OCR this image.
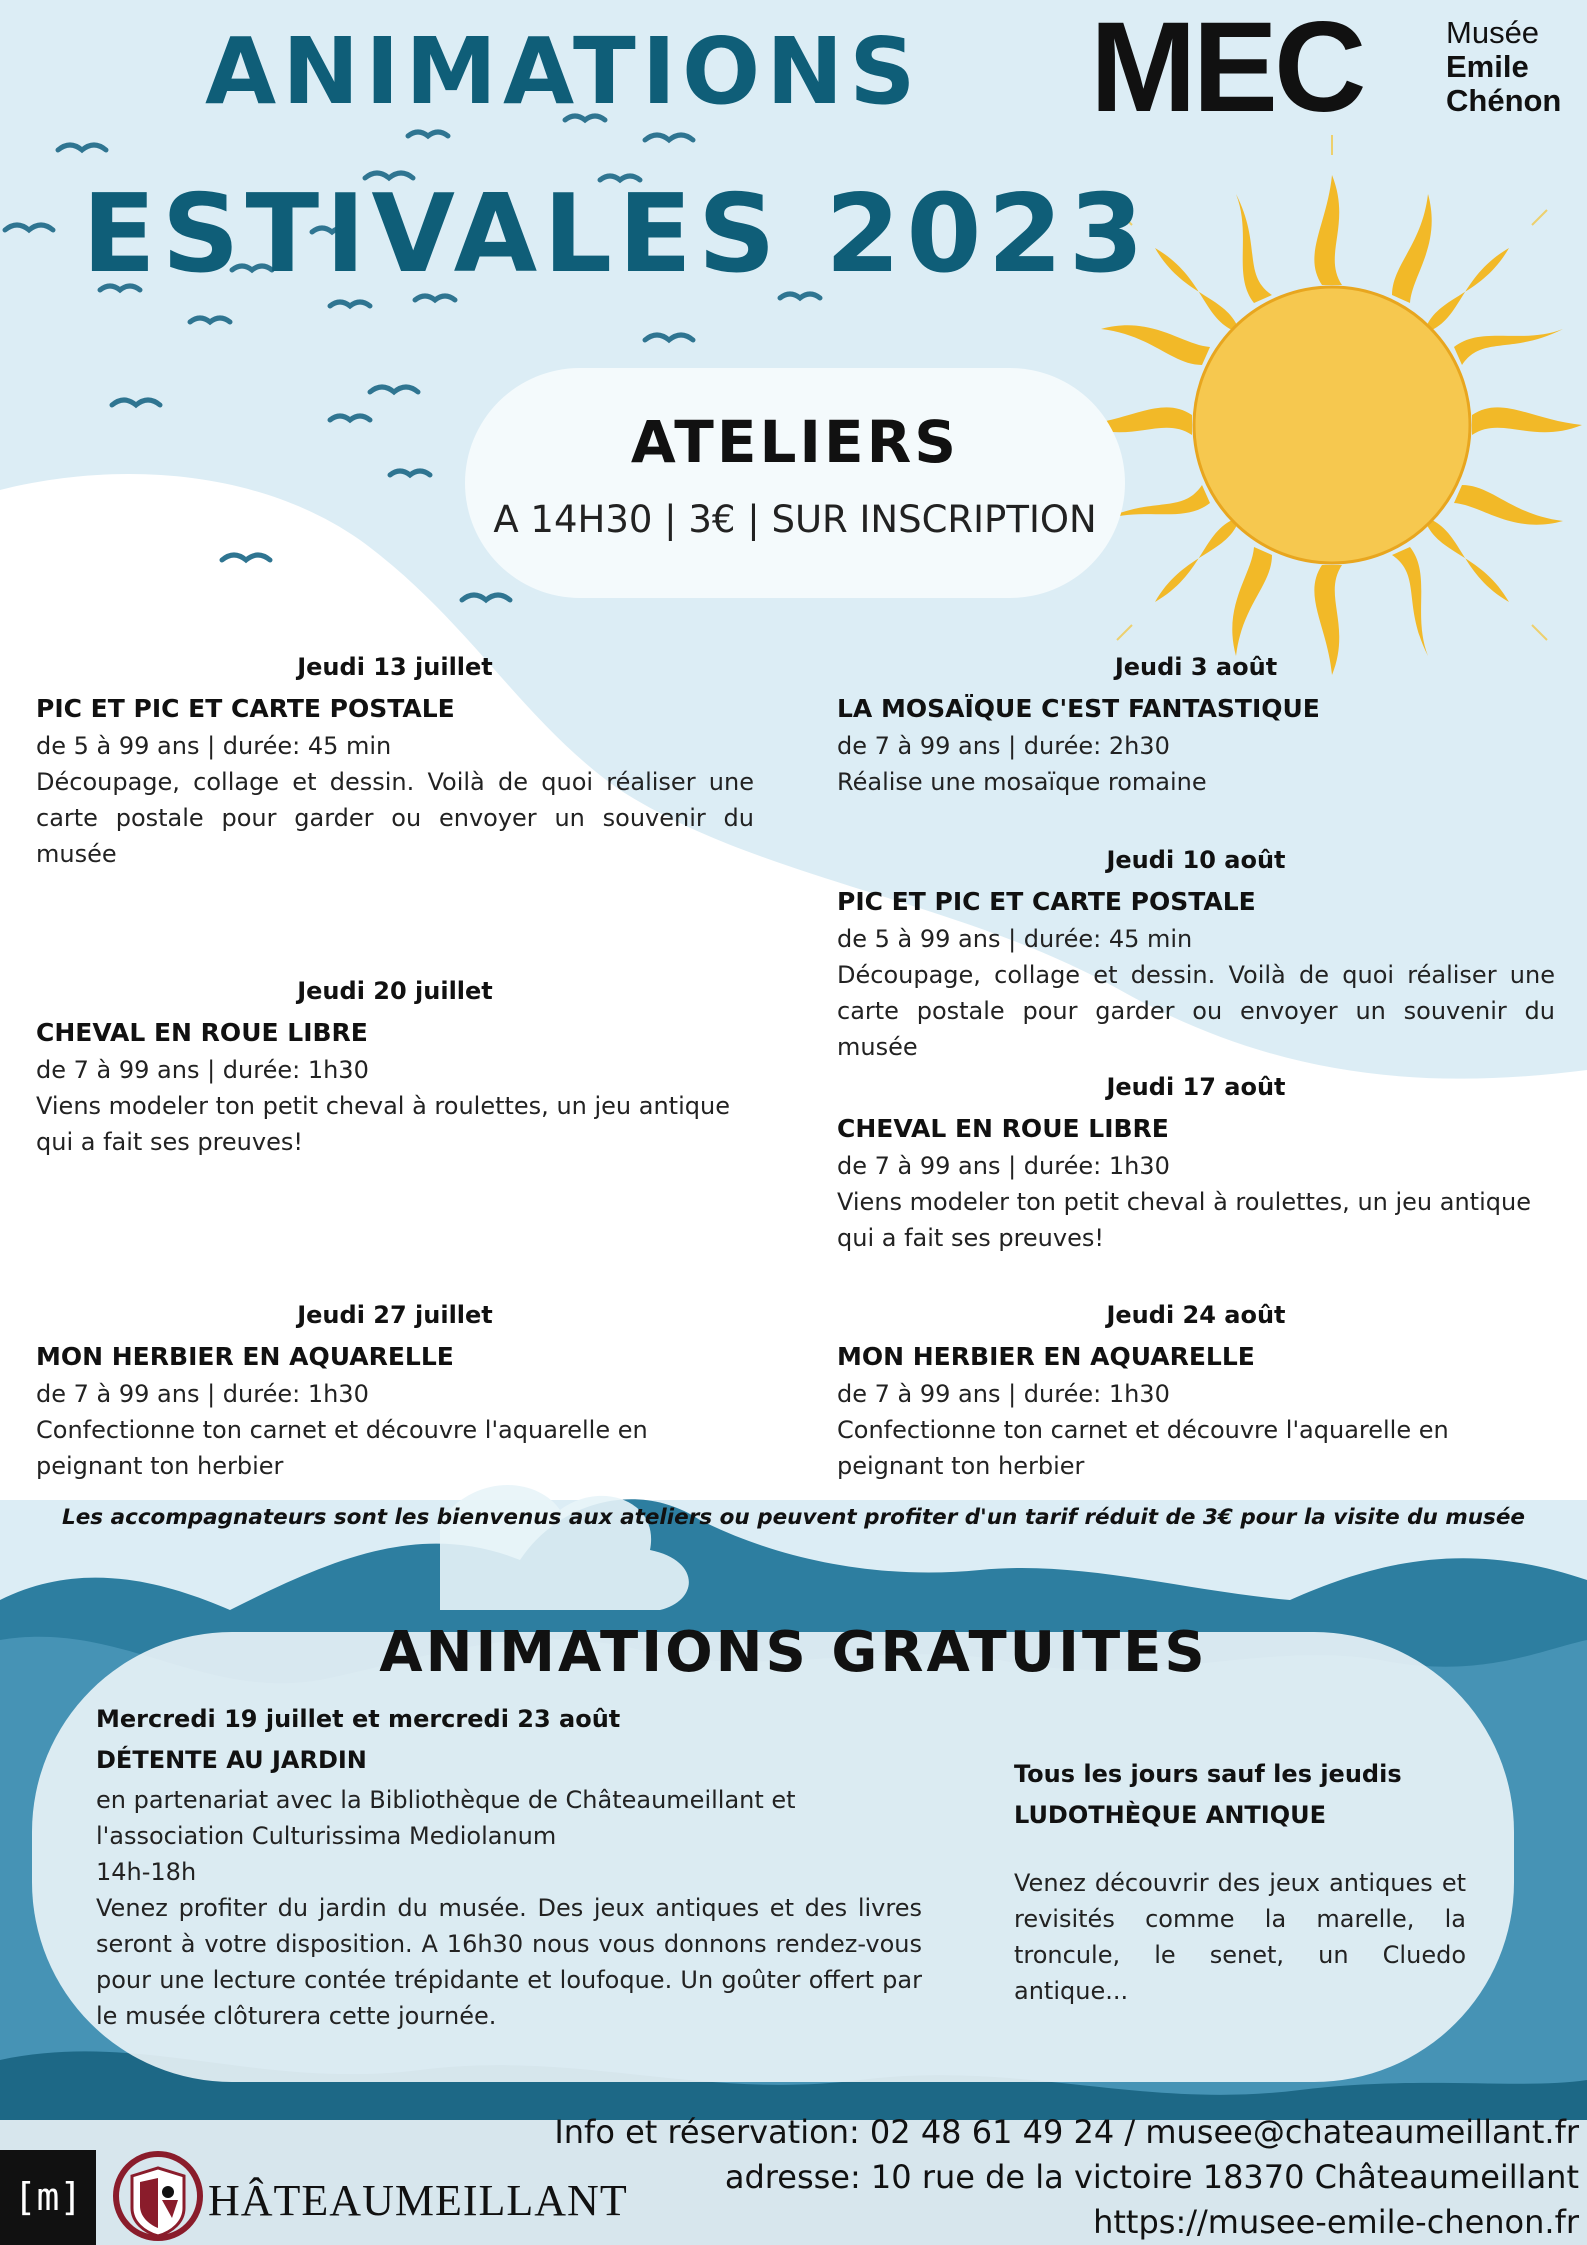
ANIMATIONS
ESTIVALES 2023
MEC	Musée
Emile
Chénon
ATELIERS
A 14H30 | 3€ | SUR INSCRIPTION
Jeudi 13 juillet
PIC ET PIC ET CARTE POSTALE
de 5 à 99 ans | durée: 45 min
Découpage, collage et dessin. Voilà de quoi réaliser une carte postale pour garder ou envoyer un souvenir du musée
Jeudi 20 juillet
CHEVAL EN ROUE LIBRE
de 7 à 99 ans | durée: 1h30
Viens modeler ton petit cheval à roulettes, un jeu antique qui a fait ses preuves!
Jeudi 27 juillet
MON HERBIER EN AQUARELLE
de 7 à 99 ans | durée: 1h30
Confectionne ton carnet et découvre l'aquarelle en peignant ton herbier
Jeudi 3 août
LA MOSAÏQUE C'EST FANTASTIQUE
de 7 à 99 ans | durée: 2h30
Réalise une mosaïque romaine
Jeudi 10 août
PIC ET PIC ET CARTE POSTALE
de 5 à 99 ans | durée: 45 min
Découpage, collage et dessin. Voilà de quoi réaliser une carte postale pour garder ou envoyer un souvenir du musée
Jeudi 17 août
CHEVAL EN ROUE LIBRE
de 7 à 99 ans | durée: 1h30
Viens modeler ton petit cheval à roulettes, un jeu antique qui a fait ses preuves!
Jeudi 24 août
MON HERBIER EN AQUARELLE
de 7 à 99 ans | durée: 1h30
Confectionne ton carnet et découvre l'aquarelle en peignant ton herbier
Les accompagnateurs sont les bienvenus aux ateliers ou peuvent profiter d'un tarif réduit de 3€ pour la visite du musée
ANIMATIONS GRATUITES
Mercredi 19 juillet et mercredi 23 août
DÉTENTE AU JARDIN
en partenariat avec la Bibliothèque de Châteaumeillant et l'association Culturissima Mediolanum
14h-18h
Venez profiter du jardin du musée. Des jeux antiques et des livres seront à votre disposition. A 16h30 nous vous donnons rendez-vous pour une lecture contée trépidante et loufoque. Un goûter offert par le musée clôturera cette journée.
Tous les jours sauf les jeudis
LUDOTHÈQUE ANTIQUE
Venez découvrir des jeux antiques et revisités comme la marelle, la troncule, le senet, un Cluedo antique...
Info et réservation: 02 48 61 49 24 / musee@chateaumeillant.fr
adresse: 10 rue de la victoire 18370 Châteaumeillant
https://musee-emile-chenon.fr
[m]	HÂTEAUMEILLANT
